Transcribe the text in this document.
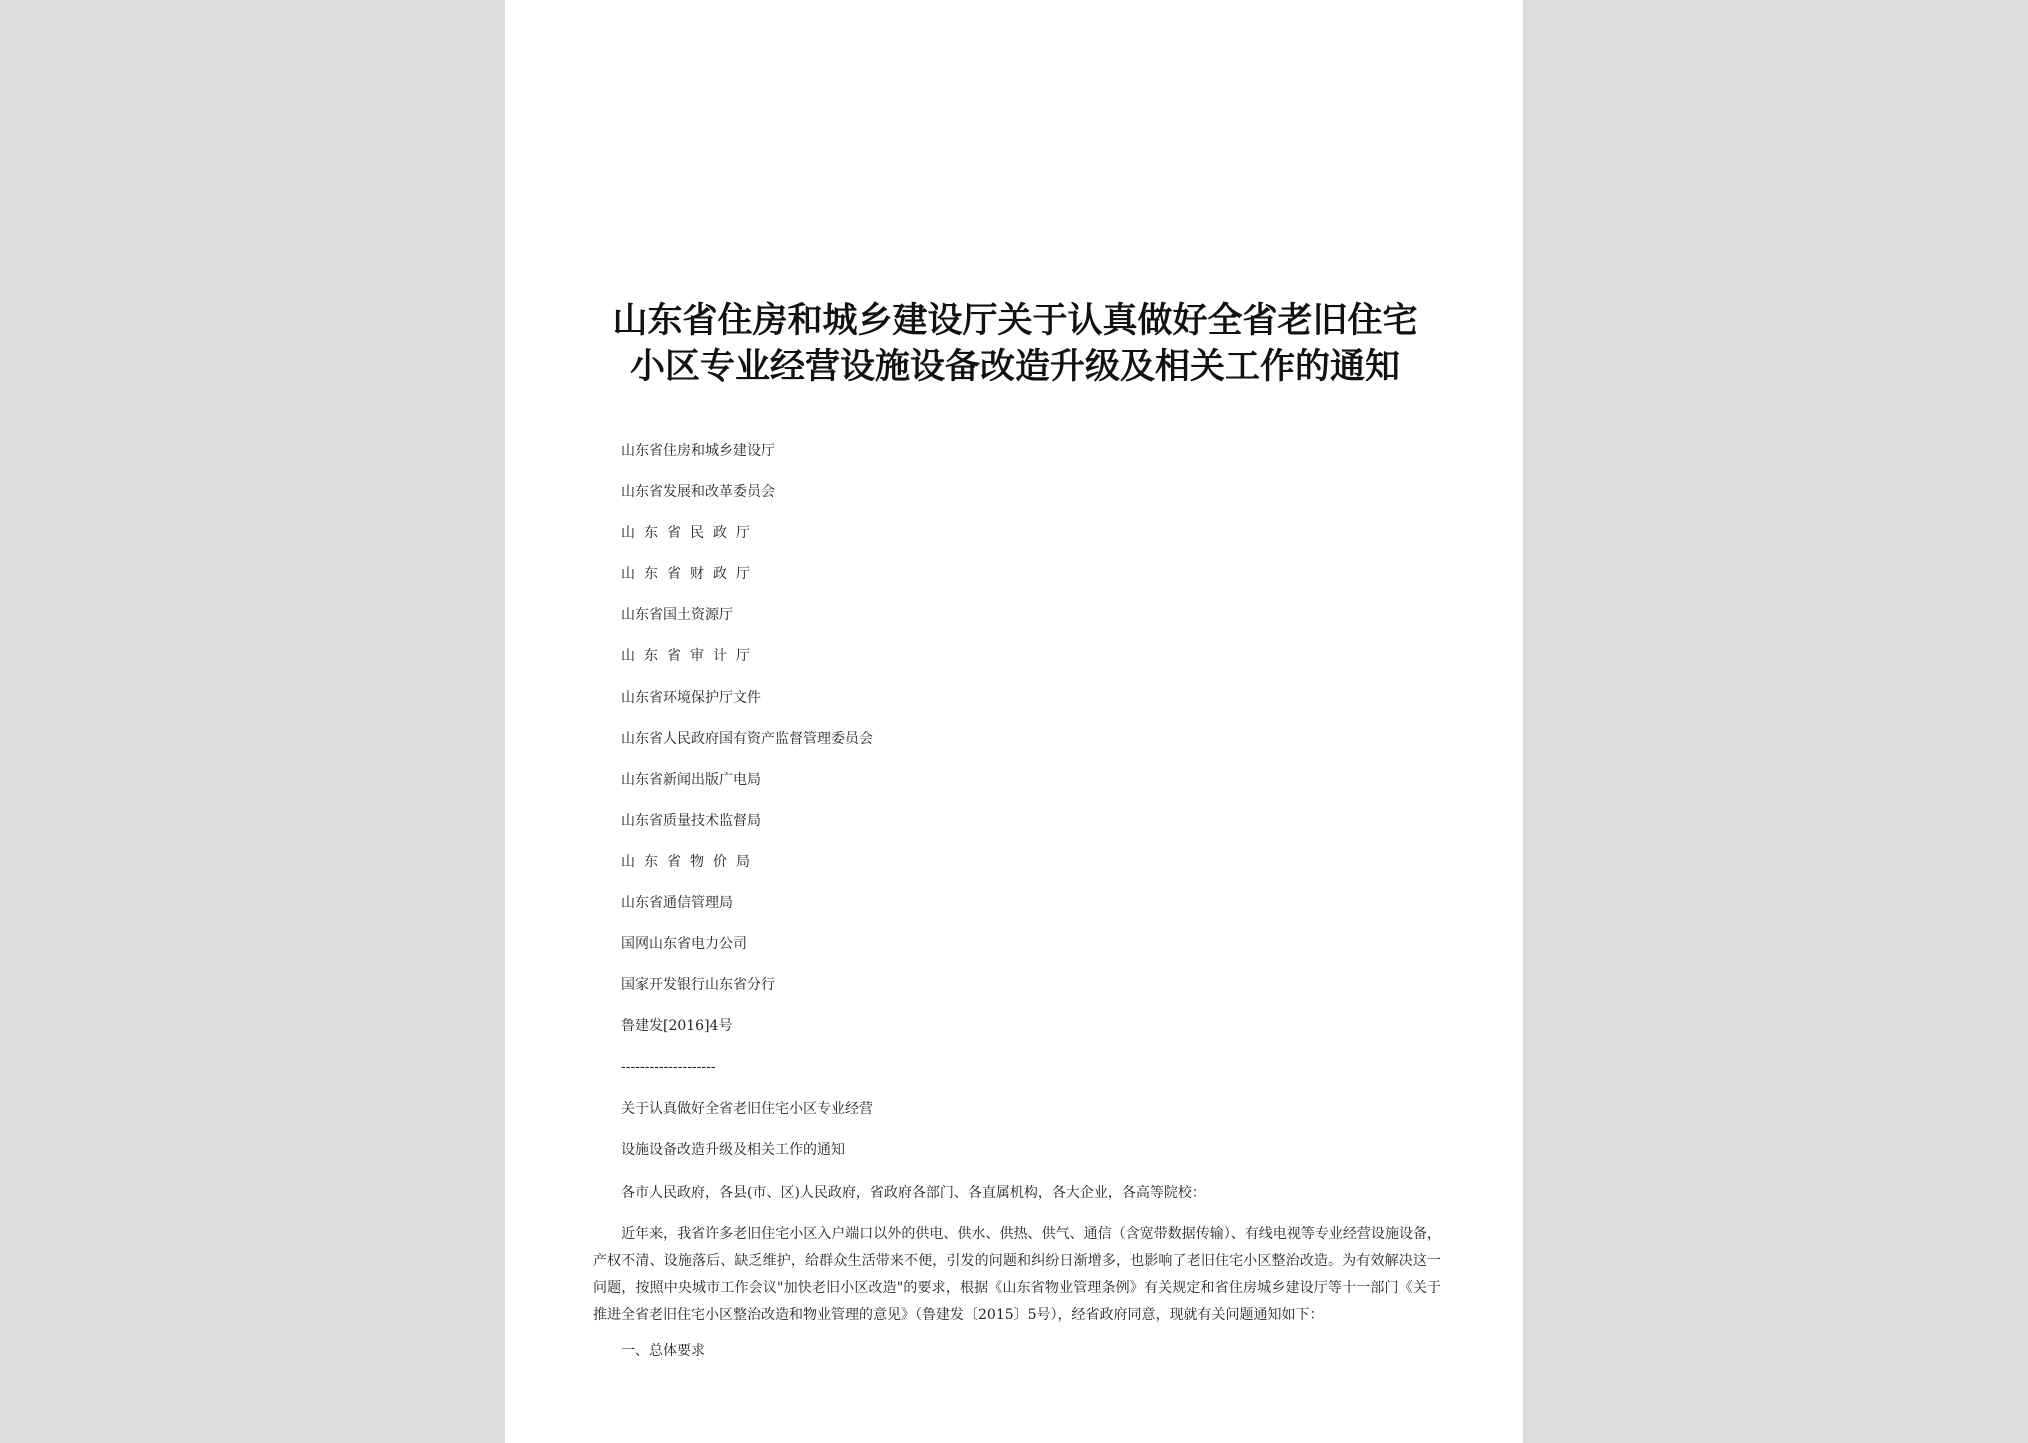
山东省住房和城乡建设厅关于认真做好全省老旧住宅小区专业经营设施设备改造升级及相关工作的通知
山东省住房和城乡建设厅
山东省发展和改革委员会
山东省民政厅
山东省财政厅
山东省国土资源厅
山东省审计厅
山东省环境保护厅文件
山东省人民政府国有资产监督管理委员会
山东省新闻出版广电局
山东省质量技术监督局
山东省物价局
山东省通信管理局
国网山东省电力公司
国家开发银行山东省分行
鲁建发[2016]4号
--------------------
关于认真做好全省老旧住宅小区专业经营
设施设备改造升级及相关工作的通知

各市人民政府，各县(市、区)人民政府，省政府各部门、各直属机构，各大企业，各高等院校：

近年来，我省许多老旧住宅小区入户端口以外的供电、供水、供热、供气、通信（含宽带数据传输）、有线电视等专业经营设施设备，产权不清、设施落后、缺乏维护，给群众生活带来不便，引发的问题和纠纷日渐增多，也影响了老旧住宅小区整治改造。为有效解决这一问题，按照中央城市工作会议"加快老旧小区改造"的要求，根据《山东省物业管理条例》有关规定和省住房城乡建设厅等十一部门《关于推进全省老旧住宅小区整治改造和物业管理的意见》（鲁建发〔2015〕5号），经省政府同意，现就有关问题通知如下：

一、总体要求
